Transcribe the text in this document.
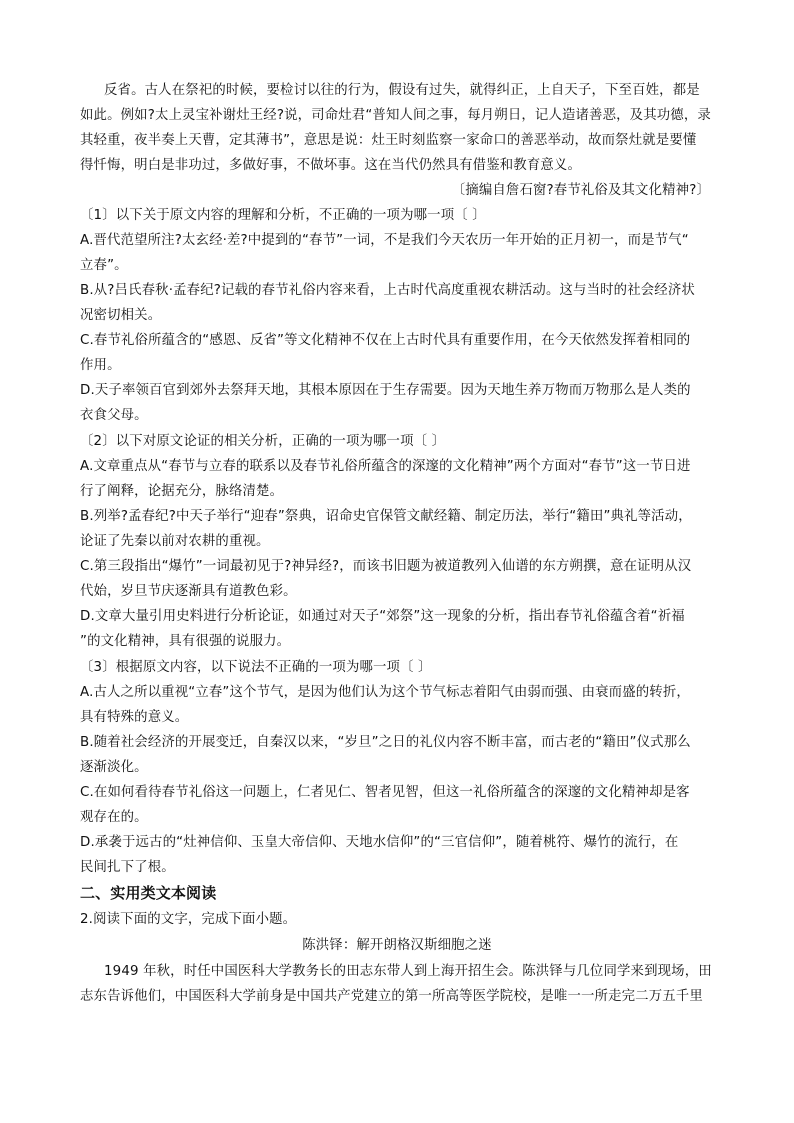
反省。古人在祭祀的时候，要检讨以往的行为，假设有过失，就得纠正，上自天子，下至百姓，都是
如此。例如?太上灵宝补谢灶王经?说，司命灶君“普知人间之事，每月朔日，记人造诸善恶，及其功德，录
其轻重，夜半奏上天曹，定其薄书”，意思是说：灶王时刻监察一家命口的善恶举动，故而祭灶就是要懂
得忏悔，明白是非功过，多做好事，不做坏事。这在当代仍然具有借鉴和教育意义。
〔摘编自詹石窗?春节礼俗及其文化精神?〕
〔1〕以下关于原文内容的理解和分析，不正确的一项为哪一项〔 〕
A.晋代范望所注?太玄经·差?中提到的“春节”一词，不是我们今天农历一年开始的正月初一，而是节气“
立春”。
B.从?吕氏春秋·孟春纪?记载的春节礼俗内容来看，上古时代高度重视农耕活动。这与当时的社会经济状
况密切相关。
C.春节礼俗所蕴含的“感恩、反省”等文化精神不仅在上古时代具有重要作用，在今天依然发挥着相同的
作用。
D.天子率领百官到郊外去祭拜天地，其根本原因在于生存需要。因为天地生养万物而万物那么是人类的
衣食父母。
〔2〕以下对原文论证的相关分析，正确的一项为哪一项〔 〕
A.文章重点从“春节与立春的联系以及春节礼俗所蕴含的深邃的文化精神”两个方面对“春节”这一节日进
行了阐释，论据充分，脉络清楚。
B.列举?孟春纪?中天子举行“迎春”祭典，诏命史官保管文献经籍、制定历法，举行“籍田”典礼等活动，
论证了先秦以前对农耕的重视。
C.第三段指出“爆竹”一词最初见于?神异经?，而该书旧题为被道教列入仙谱的东方朔撰，意在证明从汉
代始，岁旦节庆逐渐具有道教色彩。
D.文章大量引用史料进行分析论证，如通过对天子“郊祭”这一现象的分析，指出春节礼俗蕴含着“祈福
”的文化精神，具有很强的说服力。
〔3〕根据原文内容，以下说法不正确的一项为哪一项〔 〕
A.古人之所以重视“立春”这个节气，是因为他们认为这个节气标志着阳气由弱而强、由衰而盛的转折，
具有特殊的意义。
B.随着社会经济的开展变迁，自秦汉以来，“岁旦”之日的礼仪内容不断丰富，而古老的“籍田”仪式那么
逐渐淡化。
C.在如何看待春节礼俗这一问题上，仁者见仁、智者见智，但这一礼俗所蕴含的深邃的文化精神却是客
观存在的。
D.承袭于远古的“灶神信仰、玉皇大帝信仰、天地水信仰”的“三官信仰”，随着桃符、爆竹的流行，在
民间扎下了根。
二、实用类文本阅读
2.阅读下面的文字，完成下面小题。
陈洪铎：解开朗格汉斯细胞之迷
1949 年秋，时任中国医科大学教务长的田志东带人到上海开招生会。陈洪铎与几位同学来到现场，田
志东告诉他们，中国医科大学前身是中国共产党建立的第一所高等医学院校，是唯一一所走完二万五千里
